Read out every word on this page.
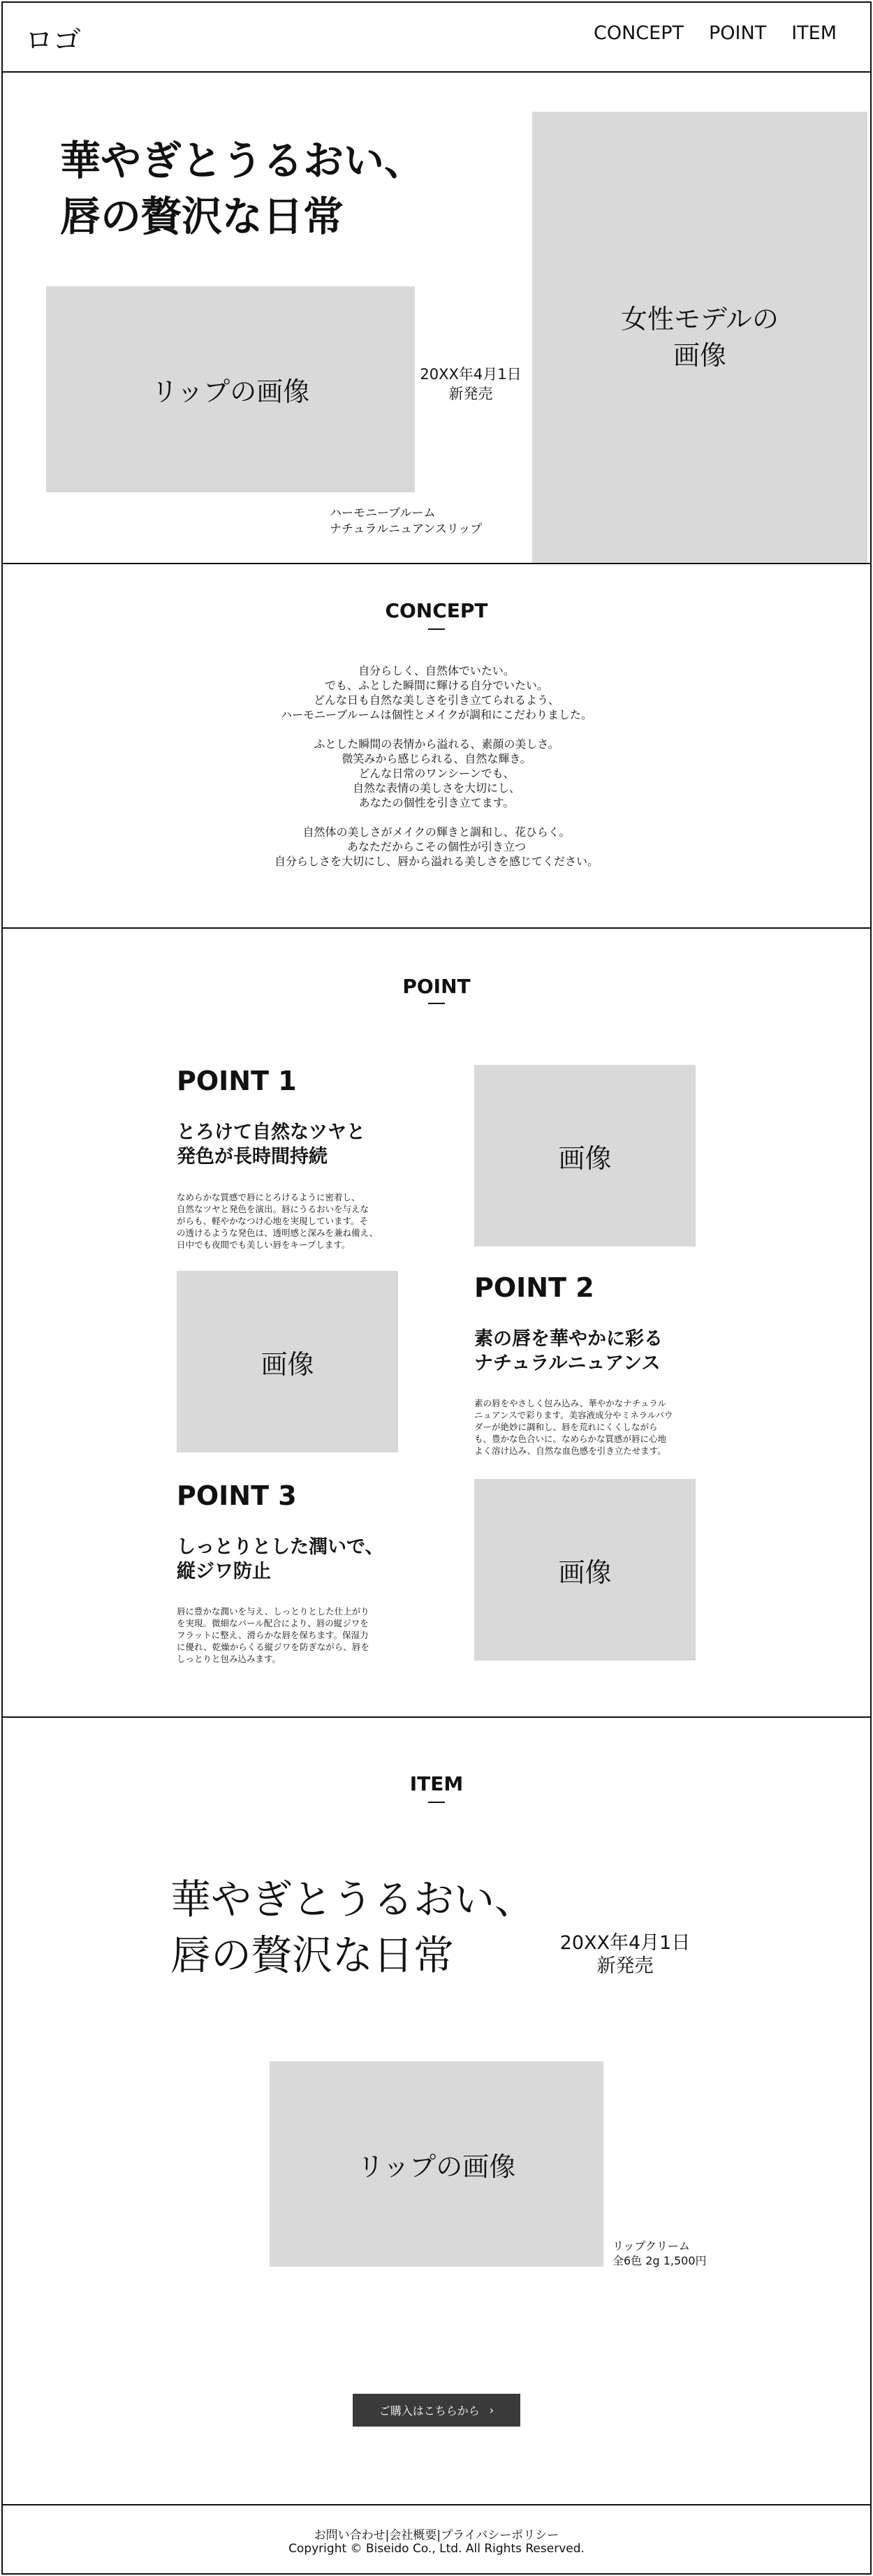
ロゴ	CONCEPT POINT ITEM
華やぎとうるおい、
唇の贅沢な日常
リップの画像
20XX年4月1日
新発売
ハーモニーブルーム
ナチュラルニュアンスリップ
女性モデルの
画像
CONCEPT

自分らしく、自然体でいたい。
でも、ふとした瞬間に輝ける自分でいたい。
どんな日も自然な美しさを引き立てられるよう、
ハーモニーブルームは個性とメイクが調和にこだわりました。

ふとした瞬間の表情から溢れる、素顔の美しさ。
微笑みから感じられる、自然な輝き。
どんな日常のワンシーンでも、
自然な表情の美しさを大切にし、
あなたの個性を引き立てます。

自然体の美しさがメイクの輝きと調和し、花ひらく。
あなただからこその個性が引き立つ
自分らしさを大切にし、唇から溢れる美しさを感じてください。

POINT
POINT 1
とろけて自然なツヤと
発色が長時間持続
なめらかな質感で唇にとろけるように密着し、
自然なツヤと発色を演出。唇にうるおいを与えな
がらも、軽やかなつけ心地を実現しています。そ
の透けるような発色は、透明感と深みを兼ね備え、
日中でも夜間でも美しい唇をキープします。
画像
画像
POINT 2
素の唇を華やかに彩る
ナチュラルニュアンス
素の唇をやさしく包み込み、華やかなナチュラル
ニュアンスで彩ります。美容液成分やミネラルパウ
ダーが絶妙に調和し、唇を荒れにくくしながら
も、豊かな色合いに。なめらかな質感が唇に心地
よく溶け込み、自然な血色感を引き立たせます。
POINT 3
しっとりとした潤いで、
縦ジワ防止
唇に豊かな潤いを与え、しっとりとした仕上がり
を実現。微細なパール配合により、唇の縦ジワを
フラットに整え、滑らかな唇を保ちます。保湿力
に優れ、乾燥からくる縦ジワを防ぎながら、唇を
しっとりと包み込みます。
画像
ITEM
華やぎとうるおい、
唇の贅沢な日常	20XX年4月1日
新発売
リップの画像
リップクリーム
全6色 2g 1,500円
ご購入はこちらから ›
お問い合わせ|会社概要|プライバシーポリシー
Copyright © Biseido Co., Ltd. All Rights Reserved.
